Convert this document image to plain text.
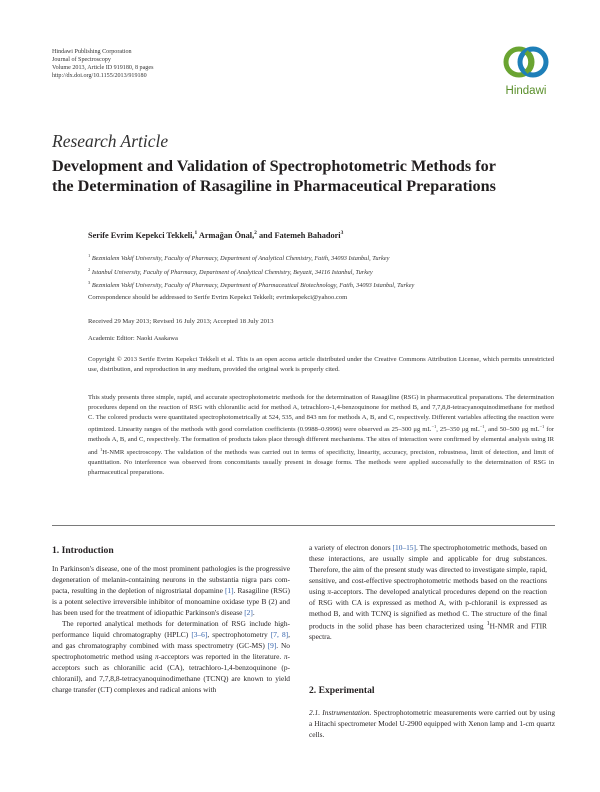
Hindawi Publishing Corporation
Journal of Spectroscopy
Volume 2013, Article ID 919180, 8 pages
http://dx.doi.org/10.1155/2013/919180
Hindawi
Research Article
Development and Validation of Spectrophotometric Methods for
the Determination of Rasagiline in Pharmaceutical Preparations
Serife Evrim Kepekci Tekkeli,$^1$ Armağan Önal,$^2$ and Fatemeh Bahadori$^3$
$^1$ Bezmialem Vakif University, Faculty of Pharmacy, Department of Analytical Chemistry, Fatih, 34093 Istanbul, Turkey
$^2$ Istanbul University, Faculty of Pharmacy, Department of Analytical Chemistry, Beyazit, 34116 Istanbul, Turkey
$^3$ Bezmialem Vakif University, Faculty of Pharmacy, Department of Pharmaceutical Biotechnology, Fatih, 34093 Istanbul, Turkey
Correspondence should be addressed to Serife Evrim Kepekci Tekkeli; evrimkepekci@yahoo.com
Received 29 May 2013; Revised 16 July 2013; Accepted 18 July 2013
Academic Editor: Naoki Asakawa
Copyright © 2013 Serife Evrim Kepekci Tekkeli et al. This is an open access article distributed under the Creative Commons Attribution License, which permits unrestricted use, distribution, and reproduction in any medium, provided the original work is properly cited.
This study presents three simple, rapid, and accurate spectrophotometric methods for the determination of Rasagiline (RSG) in pharmaceutical preparations. The determination procedures depend on the reaction of RSG with chloranilic acid for method A, tetrachloro-1,4-benzoquinone for method B, and 7,7,8,8-tetracyanoquinodimethane for method C. The colored products were quantitated spectrophotometrically at 524, 535, and 843 nm for methods A, B, and C, respectively. Different variables affecting the reaction were optimized. Linearity ranges of the methods with good correlation coefficients (0.9988–0.9996) were observed as 25–300 μg $mL^{-1}$, 25–350 μg $mL^{-1}$, and 50–500 μg $mL^{-1}$ for methods A, B, and C, respectively. The formation of products takes place through different mechanisms. The sites of interaction were confirmed by elemental analysis using IR and $^1$H-NMR spectroscopy. The validation of the methods was carried out in terms of specificity, linearity, accuracy, precision, robustness, limit of detection, and limit of quantitation. No interference was observed from concomitants usually present in dosage forms. The methods were applied successfully to the determination of RSG in pharmaceutical preparations.
1. Introduction

In Parkinson's disease, one of the most prominent pathologies is the progressive degeneration of melanin-containing neurons in the substantia nigra pars com-pacta, resulting in the depletion of nigrostriatal dopamine [1]. Rasagiline (RSG) is a potent selective irreversible inhibitor of monoamine oxidase type B (2) and has been used for the treatment of idiopathic Parkinson's disease [2].

The reported analytical methods for determination of RSG include high-performance liquid chromatography (HPLC) [3–6], spectrophotometry [7, 8], and gas chromatography combined with mass spectrometry (GC-MS) [9]. No spectrophotometric method using π-acceptors was reported in the literature. π-acceptors such as chloranilic acid (CA), tetrachloro-1,4-benzoquinone (p-chloranil), and 7,7,8,8-tetracyanoquinodimethane (TCNQ) are known to yield charge transfer (CT) complexes and radical anions with

a variety of electron donors [10–15]. The spectrophotometric methods, based on these interactions, are usually simple and applicable for drug substances. Therefore, the aim of the present study was directed to investigate simple, rapid, sensitive, and cost-effective spectrophotometric methods based on the reactions using π-acceptors. The developed analytical procedures depend on the reaction of RSG with CA is expressed as method A, with p-chloranil is expressed as method B, and with TCNQ is signified as method C. The structure of the final products in the solid phase has been characterized using $^1$H-NMR and FTIR spectra.

2. Experimental
2.1. Instrumentation. Spectrophotometric measurements were carried out by using a Hitachi spectrometer Model U-2900 equipped with Xenon lamp and 1-cm quartz cells.
